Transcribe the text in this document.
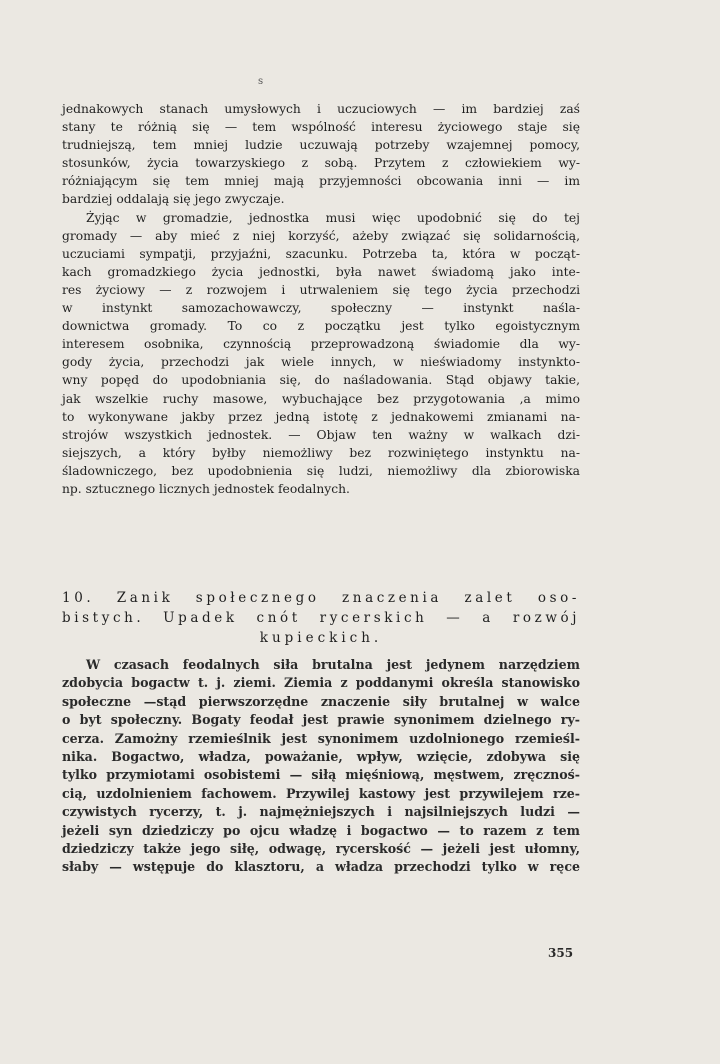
s

jednakowych stanach umysłowych i uczuciowych — im bardziej zaś
stany te różnią się — tem wspólność interesu życiowego staje się
trudniejszą, tem mniej ludzie uczuwają potrzeby wzajemnej pomocy,
stosunków, życia towarzyskiego z sobą. Przytem z człowiekiem wy-
różniającym się tem mniej mają przyjemności obcowania inni — im
bardziej oddalają się jego zwyczaje.

Żyjąc w gromadzie, jednostka musi więc upodobnić się do tej
gromady — aby mieć z niej korzyść, ażeby związać się solidarnością,
uczuciami sympatji, przyjaźni, szacunku. Potrzeba ta, która w począt-
kach gromadzkiego życia jednostki, była nawet świadomą jako inte-
res życiowy — z rozwojem i utrwaleniem się tego życia przechodzi
w instynkt samozachowawczy, społeczny — instynkt naśla-
downictwa gromady. To co z początku jest tylko egoistycznym
interesem osobnika, czynnością przeprowadzoną świadomie dla wy-
gody życia, przechodzi jak wiele innych, w nieświadomy instynkto-
wny popęd do upodobniania się, do naśladowania. Stąd objawy takie,
jak wszelkie ruchy masowe, wybuchające bez przygotowania ,a mimo
to wykonywane jakby przez jedną istotę z jednakowemi zmianami na-
strojów wszystkich jednostek. — Objaw ten ważny w walkach dzi-
siejszych, a który byłby niemożliwy bez rozwiniętego instynktu na-
śladowniczego, bez upodobnienia się ludzi, niemożliwy dla zbiorowiska
np. sztucznego licznych jednostek feodalnych.

10. Zanik społecznego znaczenia zalet oso-
bistych. Upadek cnót rycerskich — a rozwój
kupieckich.

W czasach feodalnych siła brutalna jest jedynem narzędziem
zdobycia bogactw t. j. ziemi. Ziemia z poddanymi określa stanowisko
społeczne —stąd pierwszorzędne znaczenie siły brutalnej w walce
o byt społeczny. Bogaty feodał jest prawie synonimem dzielnego ry-
cerza. Zamożny rzemieślnik jest synonimem uzdolnionego rzemieśl-
nika. Bogactwo, władza, poważanie, wpływ, wzięcie, zdobywa się
tylko przymiotami osobistemi — siłą mięśniową, męstwem, zręcznoś-
cią, uzdolnieniem fachowem. Przywilej kastowy jest przywilejem rze-
czywistych rycerzy, t. j. najmężniejszych i najsilniejszych ludzi —
jeżeli syn dziedziczy po ojcu władzę i bogactwo — to razem z tem
dziedziczy także jego siłę, odwagę, rycerskość — jeżeli jest ułomny,
słaby — wstępuje do klasztoru, a władza przechodzi tylko w ręce

355
